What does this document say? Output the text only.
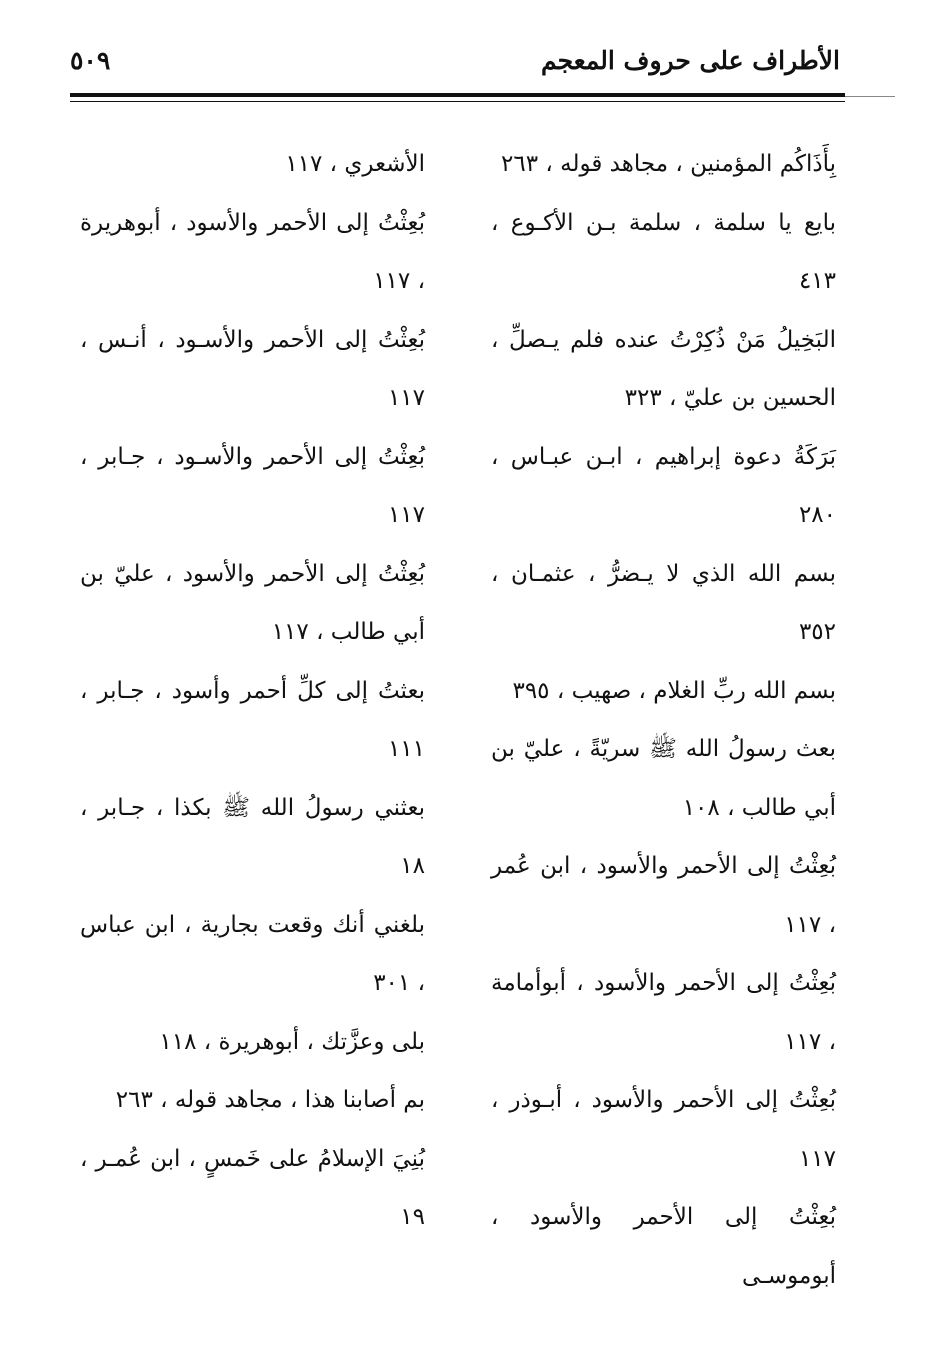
الأطراف على حروف المعجم
٥٠٩

بِأَذَاكُم المؤمنين ، مجاهد قوله ، ٢٦٣

بايع يا سلمة ، سلمة بـن الأكـوع ، ٤١٣

البَخِيلُ مَنْ ذُكِرْتُ عنده فلم يـصلِّ ، الحسين بن عليّ ، ٣٢٣

بَرَكَةُ دعوة إبراهيم ، ابـن عبـاس ، ٢٨٠

بسم الله الذي لا يـضرُّ ، عثمـان ، ٣٥٢

بسم الله ربِّ الغلام ، صهيب ، ٣٩٥

بعث رسولُ الله ﷺ سريّةً ، عليّ بن أبي طالب ، ١٠٨

بُعِثْتُ إلى الأحمر والأسود ، ابن عُمر ، ١١٧

بُعِثْتُ إلى الأحمر والأسود ، أبوأمامة ، ١١٧

بُعِثْتُ إلى الأحمر والأسود ، أبـوذر ، ١١٧

بُعِثْتُ إلى الأحمر والأسود ، أبوموسـى

الأشعري ، ١١٧

بُعِثْتُ إلى الأحمر والأسود ، أبوهريرة ، ١١٧

بُعِثْتُ إلى الأحمر والأسـود ، أنـس ، ١١٧

بُعِثْتُ إلى الأحمر والأسـود ، جـابر ، ١١٧

بُعِثْتُ إلى الأحمر والأسود ، عليّ بن أبي طالب ، ١١٧

بعثتُ إلى كلِّ أحمر وأسود ، جـابر ، ١١١

بعثني رسولُ الله ﷺ بكذا ، جـابر ، ١٨

بلغني أنك وقعت بجارية ، ابن عباس ، ٣٠١

بلى وعزَّتك ، أبوهريرة ، ١١٨

بم أصابنا هذا ، مجاهد قوله ، ٢٦٣

بُنِيَ الإسلامُ على خَمسٍ ، ابن عُمـر ، ١٩
